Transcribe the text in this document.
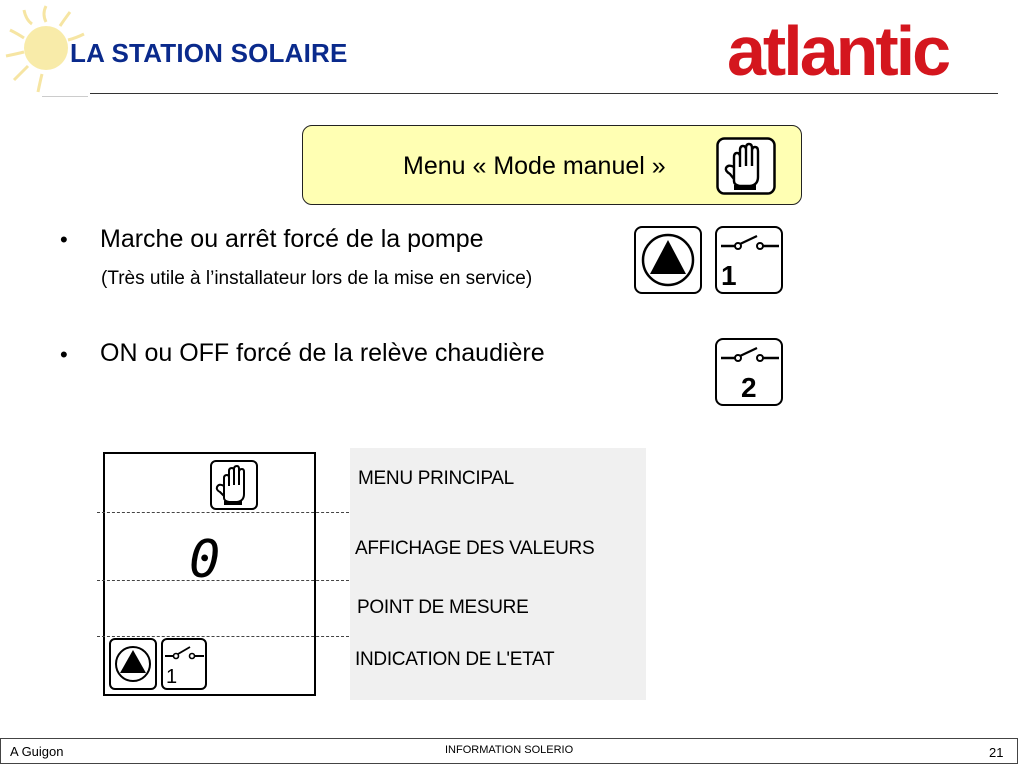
LA STATION SOLAIRE	atlantic
Menu « Mode manuel »
• Marche ou arrêt forcé de la pompe
(Très utile à l’installateur lors de la mise en service)	1
• ON ou OFF forcé de la relève chaudière
2
0
1
MENU PRINCIPAL
AFFICHAGE DES VALEURS
POINT DE MESURE
INDICATION DE L'ETAT
A Guigon	INFORMATION SOLERIO	21
